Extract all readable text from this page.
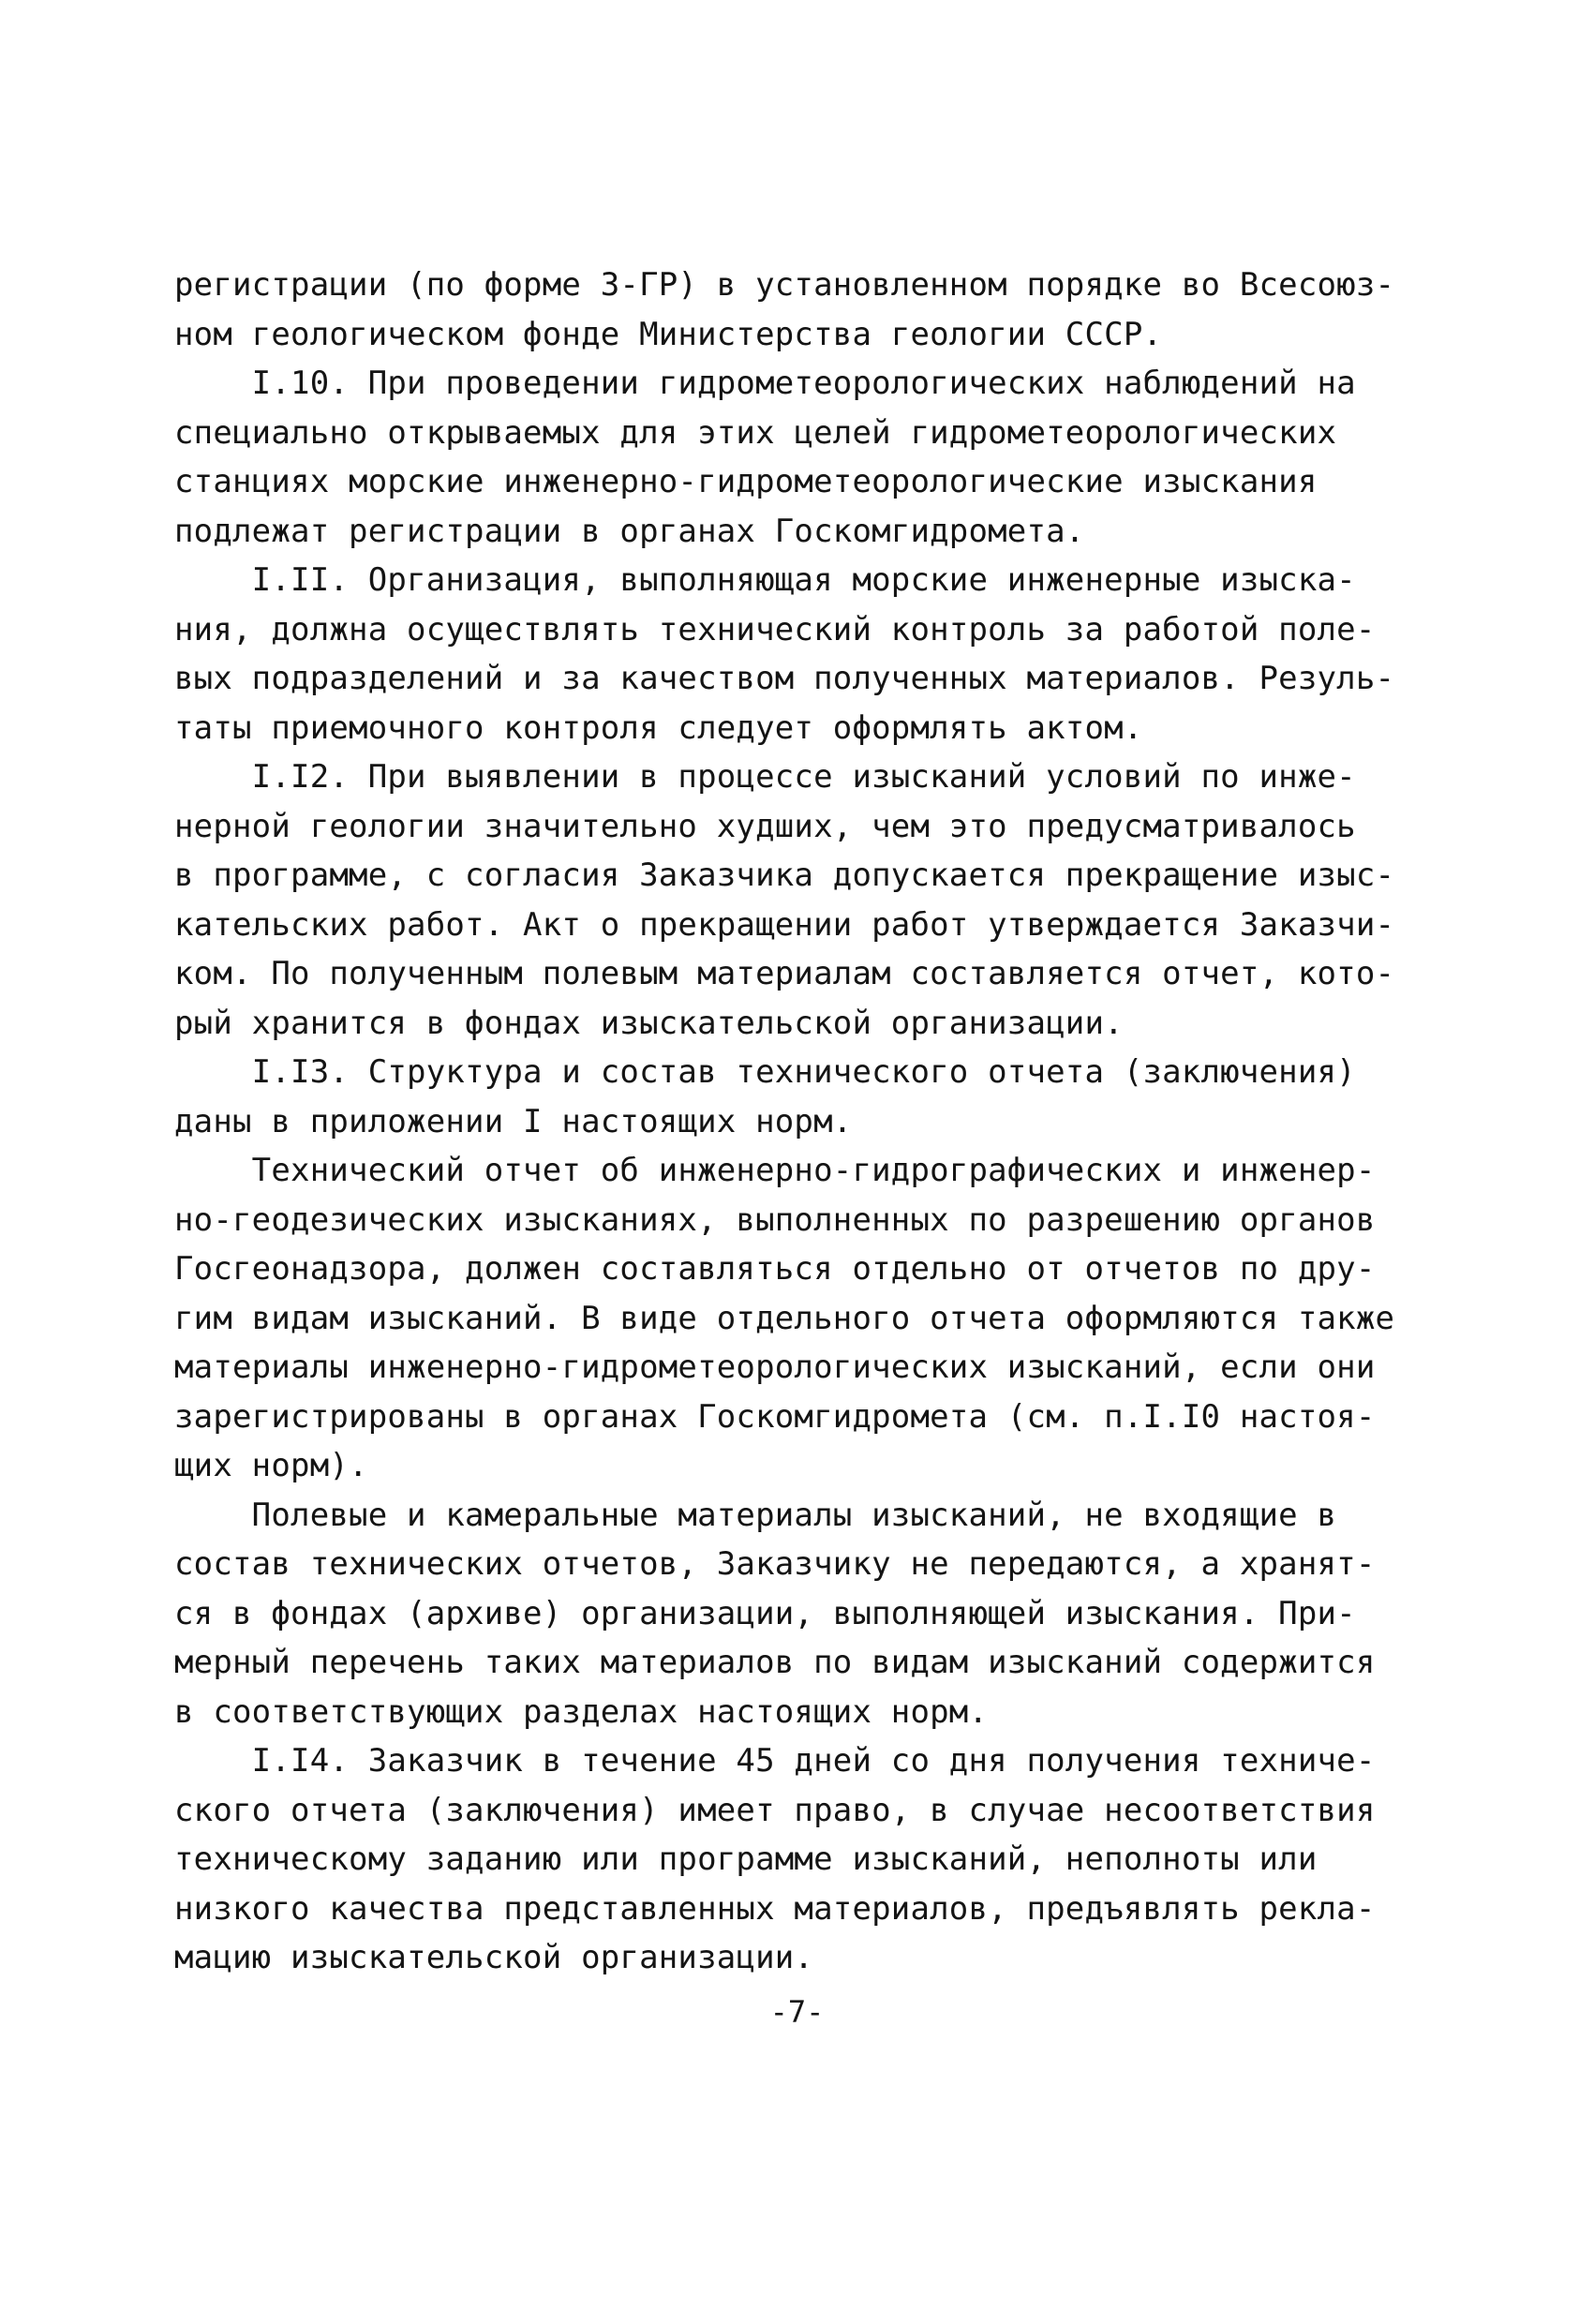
регистрации (по форме 3-ГР) в установленном порядке во Всесоюз-
ном геологическом фонде Министерства геологии СССР.
I.10. При проведении гидрометеорологических наблюдений на
специально открываемых для этих целей гидрометеорологических
станциях морские инженерно-гидрометеорологические изыскания
подлежат регистрации в органах Госкомгидромета.
I.II. Организация, выполняющая морские инженерные изыска-
ния, должна осуществлять технический контроль за работой поле-
вых подразделений и за качеством полученных материалов. Резуль-
таты приемочного контроля следует оформлять актом.
I.I2. При выявлении в процессе изысканий условий по инже-
нерной геологии значительно худших, чем это предусматривалось
в программе, с согласия Заказчика допускается прекращение изыс-
кательских работ. Акт о прекращении работ утверждается Заказчи-
ком. По полученным полевым материалам составляется отчет, кото-
рый хранится в фондах изыскательской организации.
I.I3. Структура и состав технического отчета (заключения)
даны в приложении I настоящих норм.
Технический отчет об инженерно-гидрографических и инженер-
но-геодезических изысканиях, выполненных по разрешению органов
Госгеонадзора, должен составляться отдельно от отчетов по дру-
гим видам изысканий. В виде отдельного отчета оформляются также
материалы инженерно-гидрометеорологических изысканий, если они
зарегистрированы в органах Госкомгидромета (см. п.I.I0 настоя-
щих норм).
Полевые и камеральные материалы изысканий, не входящие в
состав технических отчетов, Заказчику не передаются, а хранят-
ся в фондах (архиве) организации, выполняющей изыскания. При-
мерный перечень таких материалов по видам изысканий содержится
в соответствующих разделах настоящих норм.
I.I4. Заказчик в течение 45 дней со дня получения техниче-
ского отчета (заключения) имеет право, в случае несоответствия
техническому заданию или программе изысканий, неполноты или
низкого качества представленных материалов, предъявлять рекла-
мацию изыскательской организации.
-7-
